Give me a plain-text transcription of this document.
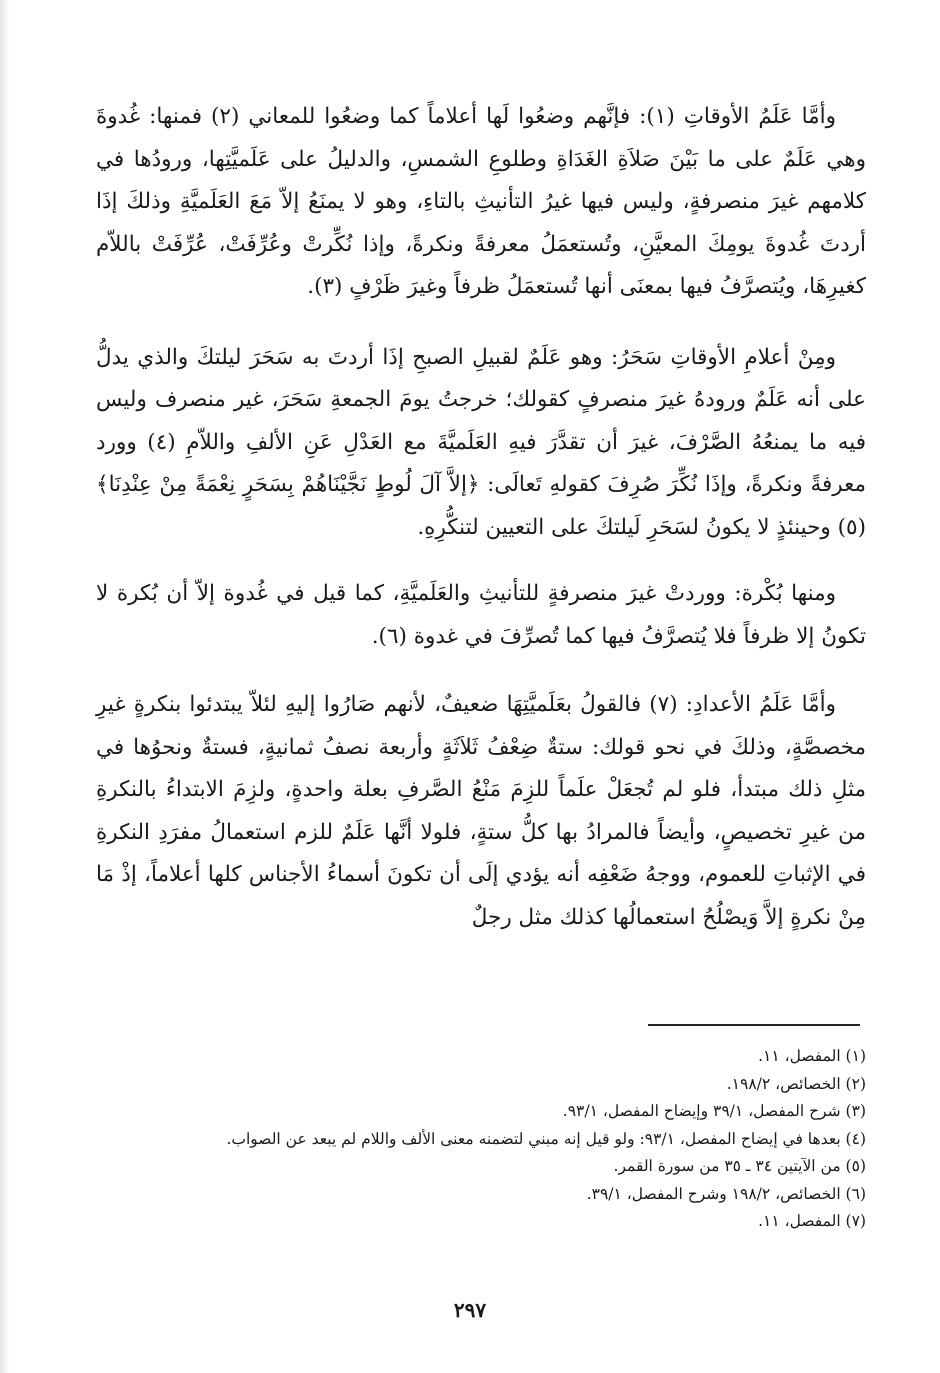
وأمَّا عَلَمُ الأوقاتِ (١): فإنَّهم وضعُوا لَها أعلاماً كما وضعُوا للمعاني (٢) فمنها: غُدوةَ وهي عَلَمٌ على ما بَيْنَ صَلاَةِ الغَدَاةِ وطلوعِ الشمسِ، والدليلُ على عَلَميَّتِها، ورودُها في كلامهم غيرَ منصرفةٍ، وليس فيها غيرُ التأنيثِ بالتاءِ، وهو لا يمنَعُ إلاّ مَعَ العَلَميَّةِ وذلكَ إذَا أردتَ غُدوةَ يومِكَ المعيَّنِ، وتُستعمَلُ معرفةً ونكرةً، وإذا نُكِّرتْ وعُرِّفَتْ، عُرِّفَتْ باللاّم كغيرِهَا، ويُتصرَّفُ فيها بمعنَى أنها تُستعمَلُ ظرفاً وغيرَ ظَرْفٍ (٣).

ومِنْ أعلامِ الأوقاتِ سَحَرُ: وهو عَلَمٌ لقبيلِ الصبحِ إذَا أردتَ به سَحَرَ ليلتكَ والذي يدلُّ على أنه عَلَمٌ ورودهُ غيرَ منصرفٍ كقولك؛ خرجتُ يومَ الجمعةِ سَحَرَ، غير منصرف وليس فيه ما يمنعُهُ الصَّرْفَ، غيرَ أن تقدَّرَ فيهِ العَلَميَّةَ مع العَدْلِ عَنِ الألفِ واللاّمِ (٤) وورد معرفةً ونكرةً، وإذَا نُكِّرَ صُرِفَ كقولهِ تَعالَى: ﴿إلاَّ آلَ لُوطٍ نَجَّيْنَاهُمْ بِسَحَرٍ نِعْمَةً مِنْ عِنْدِنَا﴾ (٥) وحينئذٍ لا يكونُ لسَحَرِ لَيلتكَ على التعيين لتنكُّرِهِ.

ومنها بُكْرة: ووردتْ غيرَ منصرفةٍ للتأنيثِ والعَلَميَّةِ، كما قيل في غُدوة إلاّ أن بُكرة لا تكونُ إلا ظرفاً فلا يُتصرَّفُ فيها كما تُصرِّفَ في غدوة (٦).

وأمَّا عَلَمُ الأعدادِ: (٧) فالقولُ بعَلَميَّتِهَا ضعيفٌ، لأنهم صَارُوا إليهِ لئلاّ يبتدئوا بنكرةٍ غيرِ مخصصَّةٍ، وذلكَ في نحو قولك: ستةٌ ضِعْفُ ثَلاَثَةٍ وأربعة نصفُ ثمانيةٍ، فستةٌ ونحوُها في مثلِ ذلك مبتدأ، فلو لم تُجعَلْ علَماً للزِمَ مَنْعُ الصَّرفِ بعلة واحدةٍ، ولزِمَ الابتداءُ بالنكرةِ من غيرِ تخصيصٍ، وأيضاً فالمرادُ بها كلُّ ستةٍ، فلولا أنَّها عَلَمٌ للزم استعمالُ مفرَدِ النكرةِ في الإثباتِ للعموم، ووجهُ ضَعْفِه أنه يؤدي إلَى أن تكونَ أسماءُ الأجناس كلها أعلاماً، إذْ مَا مِنْ نكرةٍ إلاَّ وَيصْلُحُ استعمالُها كذلك مثل رجلٌ

(١) المفصل، ١١.

(٢) الخصائص، ١٩٨/٢.

(٣) شرح المفصل، ٣٩/١ وإيضاح المفصل، ٩٣/١.

(٤) بعدها في إيضاح المفصل، ٩٣/١: ولو قيل إنه مبني لتضمنه معنى الألف واللام لم يبعد عن الصواب.

(٥) من الآيتين ٣٤ ـ ٣٥ من سورة القمر.

(٦) الخصائص، ١٩٨/٢ وشرح المفصل، ٣٩/١.

(٧) المفصل، ١١.

٢٩٧
